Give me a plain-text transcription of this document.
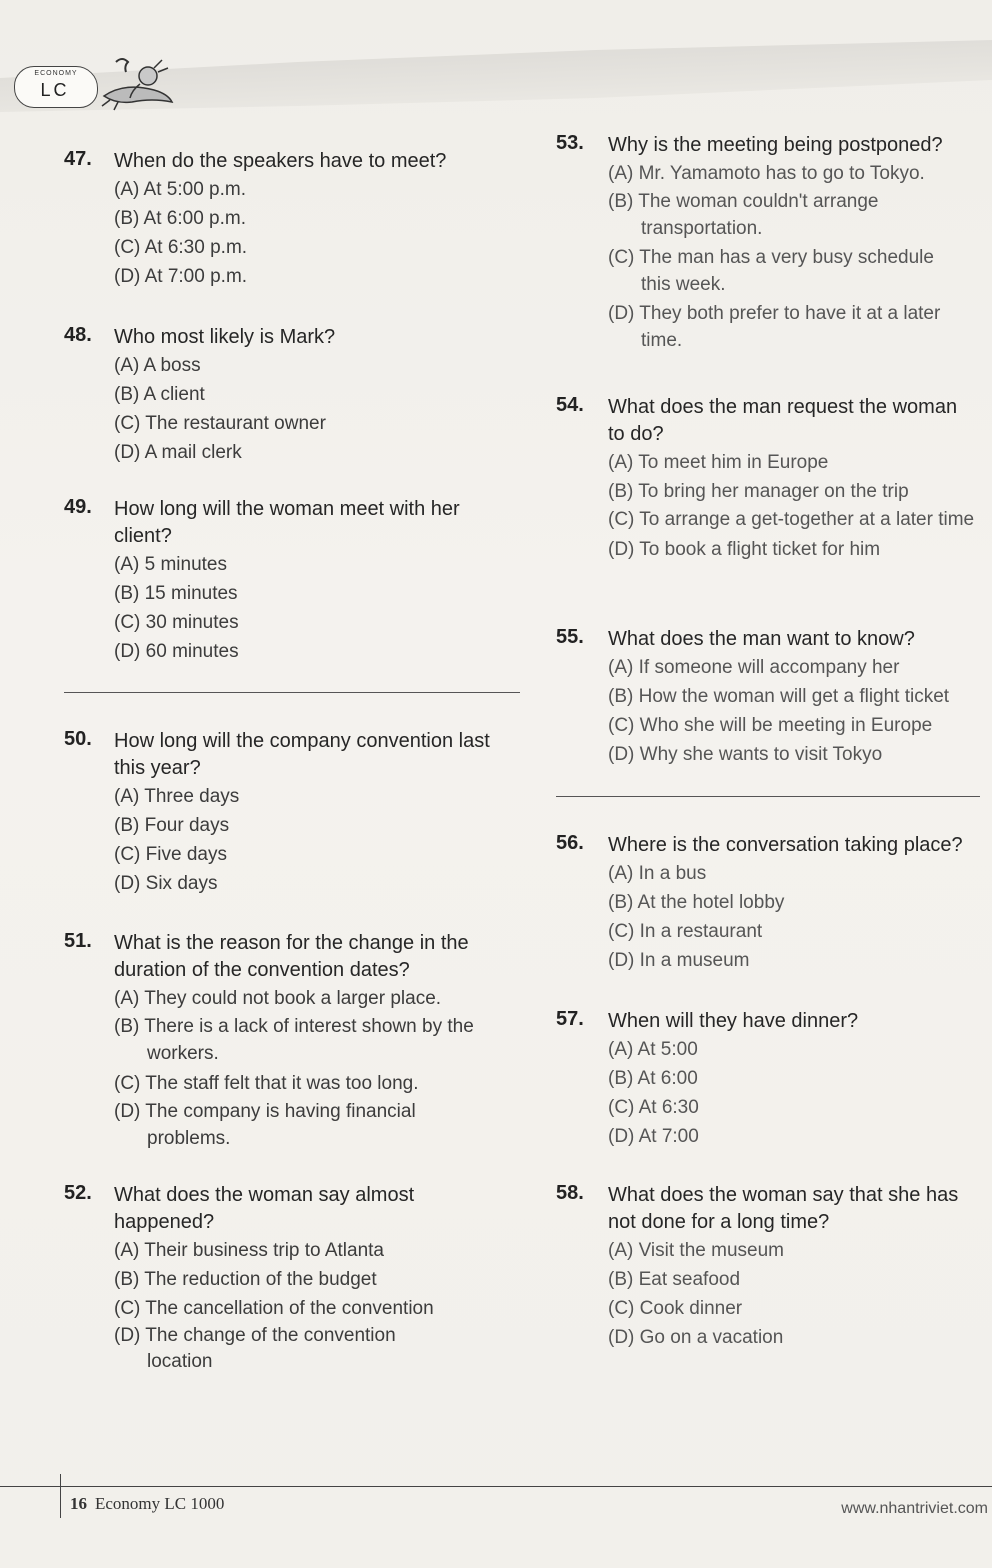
ECONOMY
LC
47. When do the speakers have to meet?
(A) At 5:00 p.m.
(B) At 6:00 p.m.
(C) At 6:30 p.m.
(D) At 7:00 p.m.
48. Who most likely is Mark?
(A) A boss
(B) A client
(C) The restaurant owner
(D) A mail clerk
49. How long will the woman meet with her client?
(A) 5 minutes
(B) 15 minutes
(C) 30 minutes
(D) 60 minutes
50. How long will the company convention last this year?
(A) Three days
(B) Four days
(C) Five days
(D) Six days
51. What is the reason for the change in the duration of the convention dates?
(A) They could not book a larger place.
(B) There is a lack of interest shown by the workers.
(C) The staff felt that it was too long.
(D) The company is having financial problems.
52. What does the woman say almost happened?
(A) Their business trip to Atlanta
(B) The reduction of the budget
(C) The cancellation of the convention
(D) The change of the convention location
53. Why is the meeting being postponed?
(A) Mr. Yamamoto has to go to Tokyo.
(B) The woman couldn't arrange transportation.
(C) The man has a very busy schedule this week.
(D) They both prefer to have it at a later time.
54. What does the man request the woman to do?
(A) To meet him in Europe
(B) To bring her manager on the trip
(C) To arrange a get-together at a later time
(D) To book a flight ticket for him
55. What does the man want to know?
(A) If someone will accompany her
(B) How the woman will get a flight ticket
(C) Who she will be meeting in Europe
(D) Why she wants to visit Tokyo
56. Where is the conversation taking place?
(A) In a bus
(B) At the hotel lobby
(C) In a restaurant
(D) In a museum
57. When will they have dinner?
(A) At 5:00
(B) At 6:00
(C) At 6:30
(D) At 7:00
58. What does the woman say that she has not done for a long time?
(A) Visit the museum
(B) Eat seafood
(C) Cook dinner
(D) Go on a vacation
16 Economy LC 1000	www.nhantriviet.com
